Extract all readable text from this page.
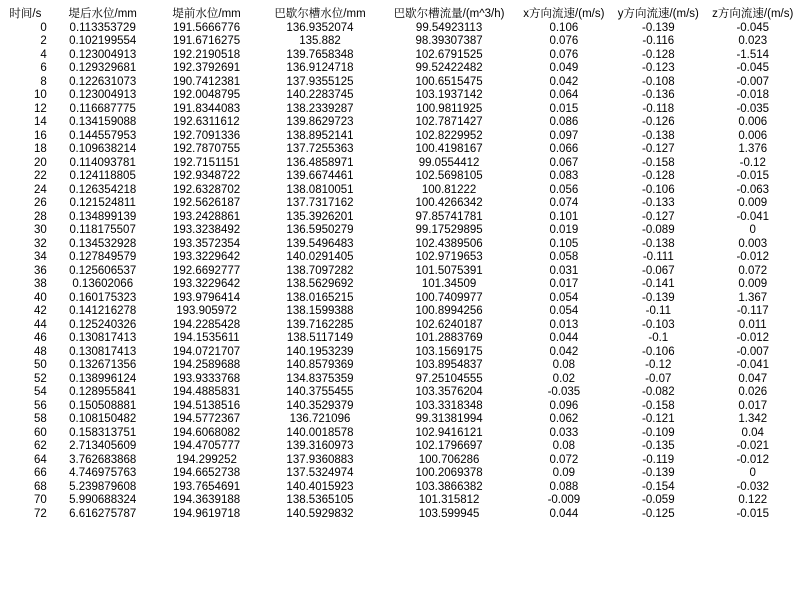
时间/s	堤后水位/mm	堤前水位/mm	巴歇尔槽水位/mm	巴歇尔槽流量/(m^3/h)	x方向流速/(m/s)	y方向流速/(m/s)	z方向流速/(m/s)
0	0.113353729	191.5666776	136.9352074	99.54923113	0.106	-0.139	-0.045
2	0.102199554	191.6716275	135.882	98.39307387	0.076	-0.116	0.023
4	0.123004913	192.2190518	139.7658348	102.6791525	0.076	-0.128	-1.514
6	0.129329681	192.3792691	136.9124718	99.52422482	0.049	-0.123	-0.045
8	0.122631073	190.7412381	137.9355125	100.6515475	0.042	-0.108	-0.007
10	0.123004913	192.0048795	140.2283745	103.1937142	0.064	-0.136	-0.018
12	0.116687775	191.8344083	138.2339287	100.9811925	0.015	-0.118	-0.035
14	0.134159088	192.6311612	139.8629723	102.7871427	0.086	-0.126	0.006
16	0.144557953	192.7091336	138.8952141	102.8229952	0.097	-0.138	0.006
18	0.109638214	192.7870755	137.7255363	100.4198167	0.066	-0.127	1.376
20	0.114093781	192.7151151	136.4858971	99.0554412	0.067	-0.158	-0.12
22	0.124118805	192.9348722	139.6674461	102.5698105	0.083	-0.128	-0.015
24	0.126354218	192.6328702	138.0810051	100.81222	0.056	-0.106	-0.063
26	0.121524811	192.5626187	137.7317162	100.4266342	0.074	-0.133	0.009
28	0.134899139	193.2428861	135.3926201	97.85741781	0.101	-0.127	-0.041
30	0.118175507	193.3238492	136.5950279	99.17529895	0.019	-0.089	0
32	0.134532928	193.3572354	139.5496483	102.4389506	0.105	-0.138	0.003
34	0.127849579	193.3229642	140.0291405	102.9719653	0.058	-0.111	-0.012
36	0.125606537	192.6692777	138.7097282	101.5075391	0.031	-0.067	0.072
38	0.13602066	193.3229642	138.5629692	101.34509	0.017	-0.141	0.009
40	0.160175323	193.9796414	138.0165215	100.7409977	0.054	-0.139	1.367
42	0.141216278	193.905972	138.1599388	100.8994256	0.054	-0.11	-0.117
44	0.125240326	194.2285428	139.7162285	102.6240187	0.013	-0.103	0.011
46	0.130817413	194.1535611	138.5117149	101.2883769	0.044	-0.1	-0.012
48	0.130817413	194.0721707	140.1953239	103.1569175	0.042	-0.106	-0.007
50	0.132671356	194.2589688	140.8579369	103.8954837	0.08	-0.12	-0.041
52	0.138996124	193.9333768	134.8375359	97.25104555	0.02	-0.07	0.047
54	0.128955841	194.4885831	140.3755455	103.3576204	-0.035	-0.082	0.026
56	0.150508881	194.5138516	140.3529379	103.3318348	0.096	-0.158	0.017
58	0.108150482	194.5772367	136.721096	99.31381994	0.062	-0.121	1.342
60	0.158313751	194.6068082	140.0018578	102.9416121	0.033	-0.109	0.04
62	2.713405609	194.4705777	139.3160973	102.1796697	0.08	-0.135	-0.021
64	3.762683868	194.299252	137.9360883	100.706286	0.072	-0.119	-0.012
66	4.746975763	194.6652738	137.5324974	100.2069378	0.09	-0.139	0
68	5.239879608	193.7654691	140.4015923	103.3866382	0.088	-0.154	-0.032
70	5.990688324	194.3639188	138.5365105	101.315812	-0.009	-0.059	0.122
72	6.616275787	194.9619718	140.5929832	103.599945	0.044	-0.125	-0.015
